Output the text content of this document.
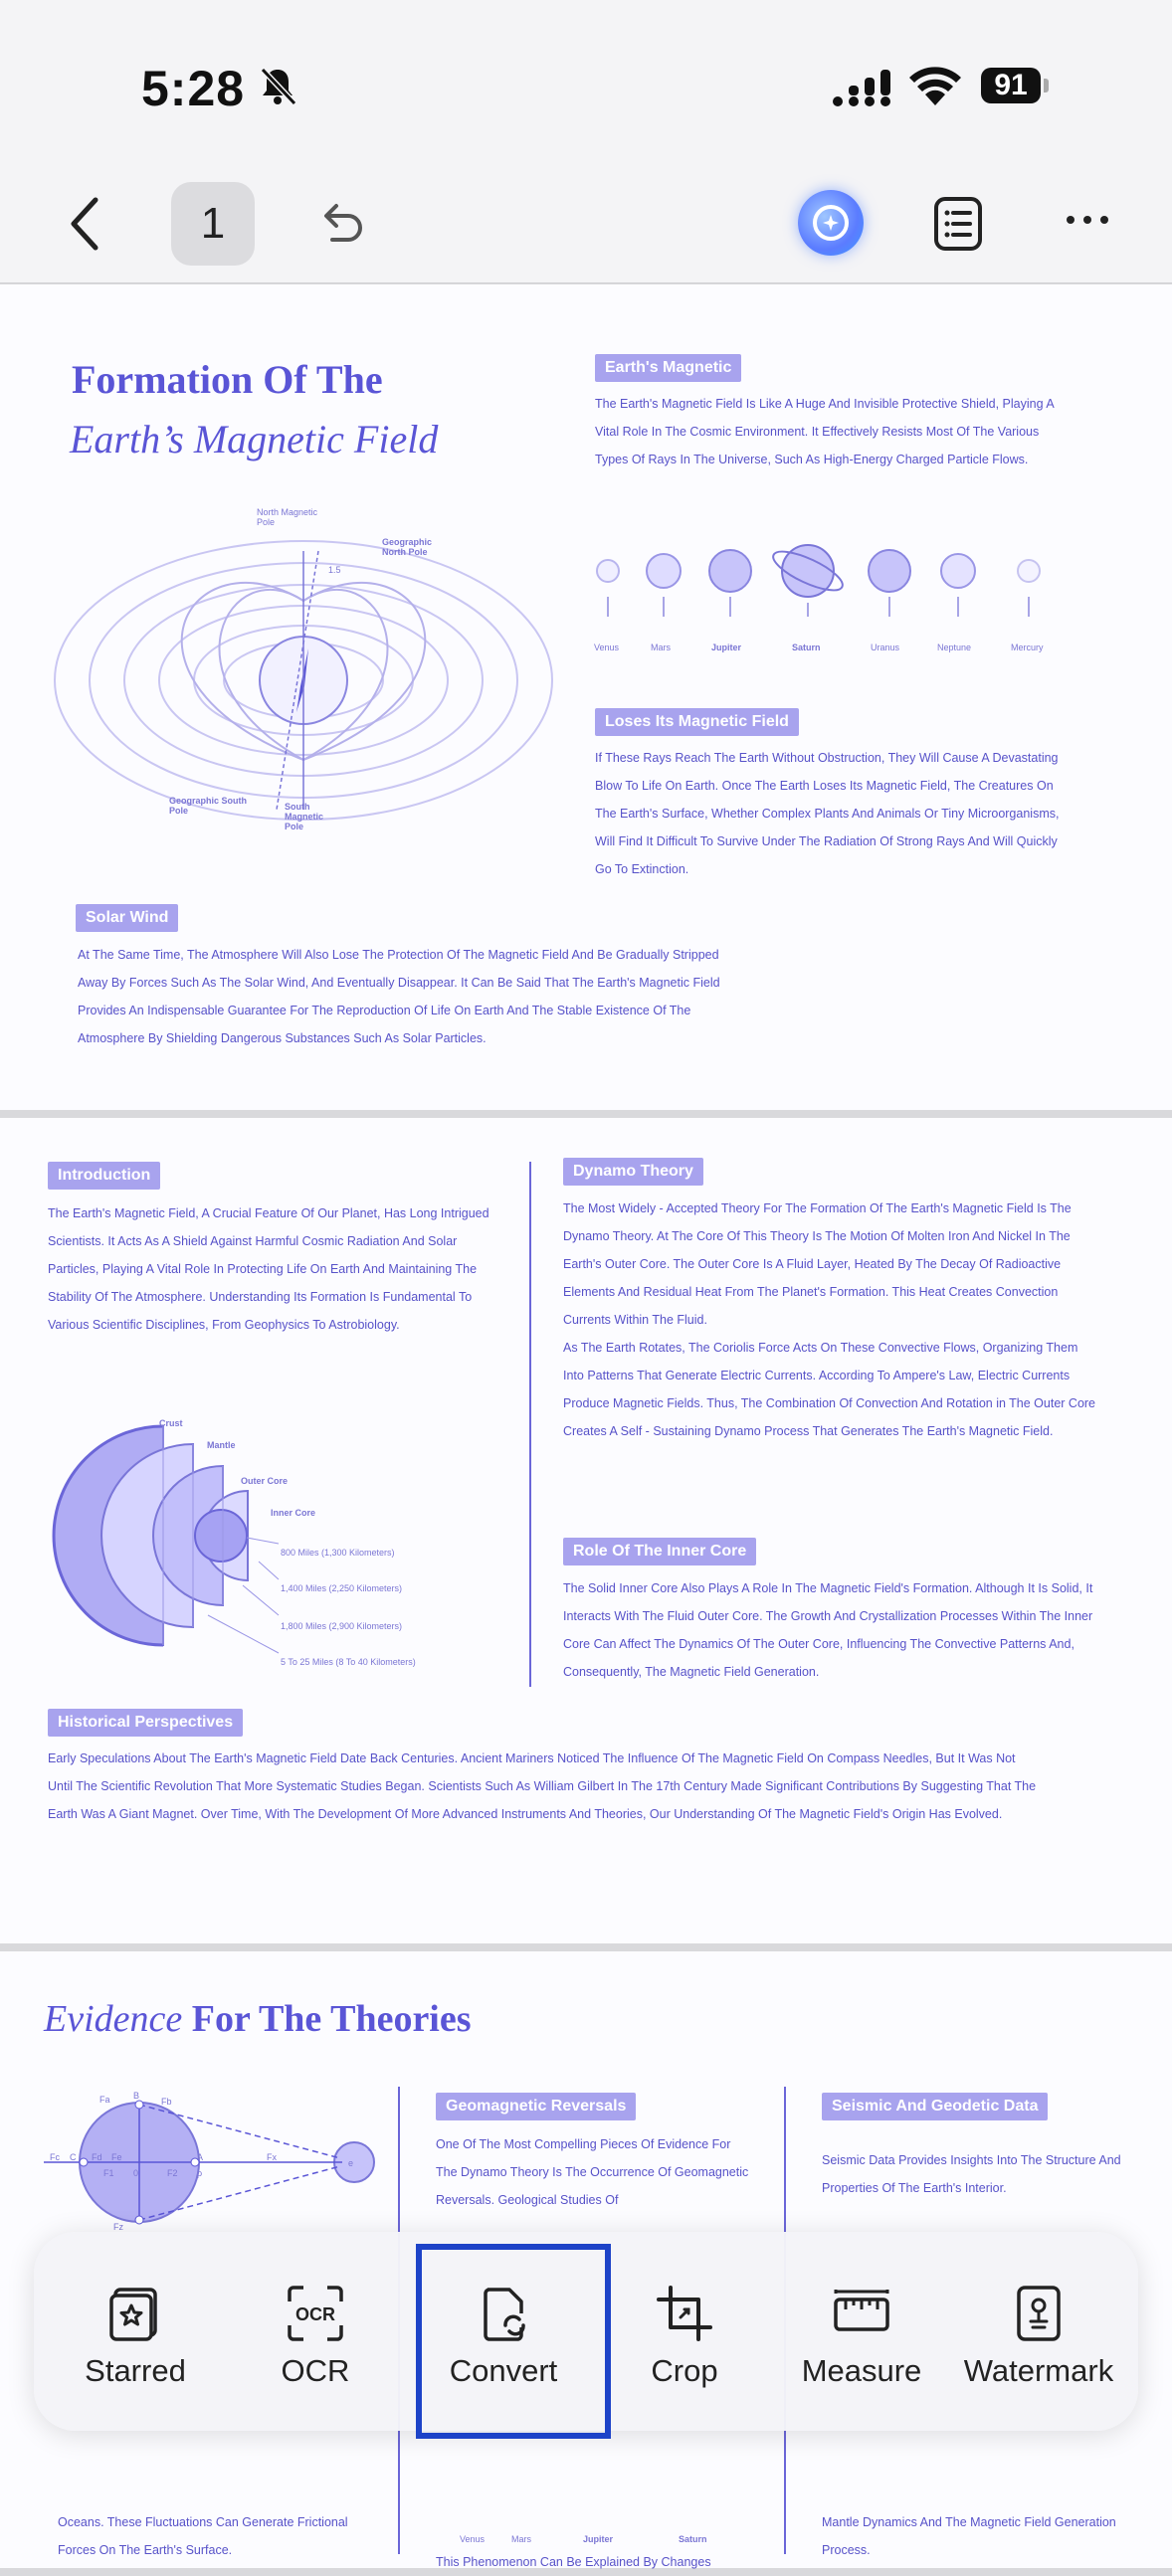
5:28	91
1
Formation Of The
Earth’s Magnetic Field
North Magnetic Pole
Geographic North Pole
1.5
Geographic South Pole	South Magnetic Pole
Earth's Magnetic
The Earth's Magnetic Field Is Like A Huge And Invisible Protective Shield, Playing A Vital Role In The Cosmic Environment. It Effectively Resists Most Of The Various Types Of Rays In The Universe, Such As High-Energy Charged Particle Flows.
Venus	Mars	Jupiter	Saturn	Uranus	Neptune	Mercury
Loses Its Magnetic Field
If These Rays Reach The Earth Without Obstruction, They Will Cause A Devastating Blow To Life On Earth. Once The Earth Loses Its Magnetic Field, The Creatures On The Earth's Surface, Whether Complex Plants And Animals Or Tiny Microorganisms, Will Find It Difficult To Survive Under The Radiation Of Strong Rays And Will Quickly Go To Extinction.
Solar Wind
At The Same Time, The Atmosphere Will Also Lose The Protection Of The Magnetic Field And Be Gradually Stripped Away By Forces Such As The Solar Wind, And Eventually Disappear. It Can Be Said That The Earth's Magnetic Field Provides An Indispensable Guarantee For The Reproduction Of Life On Earth And The Stable Existence Of The Atmosphere By Shielding Dangerous Substances Such As Solar Particles.
Introduction
The Earth's Magnetic Field, A Crucial Feature Of Our Planet, Has Long Intrigued Scientists. It Acts As A Shield Against Harmful Cosmic Radiation And Solar Particles, Playing A Vital Role In Protecting Life On Earth And Maintaining The Stability Of The Atmosphere. Understanding Its Formation Is Fundamental To Various Scientific Disciplines, From Geophysics To Astrobiology.
Crust
Mantle
Outer Core
Inner Core
800 Miles (1,300 Kilometers)
1,400 Miles (2,250 Kilometers)
1,800 Miles (2,900 Kilometers)
5 To 25 Miles (8 To 40 Kilometers)
Dynamo Theory
The Most Widely - Accepted Theory For The Formation Of The Earth's Magnetic Field Is The Dynamo Theory. At The Core Of This Theory Is The Motion Of Molten Iron And Nickel In The Earth's Outer Core. The Outer Core Is A Fluid Layer, Heated By The Decay Of Radioactive Elements And Residual Heat From The Planet's Formation. This Heat Creates Convection Currents Within The Fluid.
As The Earth Rotates, The Coriolis Force Acts On These Convective Flows, Organizing Them Into Patterns That Generate Electric Currents. According To Ampere's Law, Electric Currents Produce Magnetic Fields. Thus, The Combination Of Convection And Rotation in The Outer Core Creates A Self - Sustaining Dynamo Process That Generates The Earth's Magnetic Field.
Role Of The Inner Core
The Solid Inner Core Also Plays A Role In The Magnetic Field's Formation. Although It Is Solid, It Interacts With The Fluid Outer Core. The Growth And Crystallization Processes Within The Inner Core Can Affect The Dynamics Of The Outer Core, Influencing The Convective Patterns And, Consequently, The Magnetic Field Generation.
Historical Perspectives
Early Speculations About The Earth's Magnetic Field Date Back Centuries. Ancient Mariners Noticed The Influence Of The Magnetic Field On Compass Needles, But It Was Not Until The Scientific Revolution That More Systematic Studies Began. Scientists Such As William Gilbert In The 17th Century Made Significant Contributions By Suggesting That The Earth Was A Giant Magnet. Over Time, With The Development Of More Advanced Instruments And Theories, Our Understanding Of The Magnetic Field's Origin Has Evolved.
Evidence For The Theories
Fa	B
Fb
Fc C Fd Fe	A
0
F1	F2
Fx
ρ
e
Fz
Geomagnetic Reversals
One Of The Most Compelling Pieces Of Evidence For The Dynamo Theory Is The Occurrence Of Geomagnetic Reversals. Geological Studies Of
Seismic And Geodetic Data
Seismic Data Provides Insights Into The Structure And Properties Of The Earth's Interior.
Oceans. These Fluctuations Can Generate Frictional Forces On The Earth's Surface.
Venus	Mars	Jupiter	Saturn
This Phenomenon Can Be Explained By Changes
Mantle Dynamics And The Magnetic Field Generation Process.
Starred
OCR
OCR	Convert	Crop	Measure	Watermark
